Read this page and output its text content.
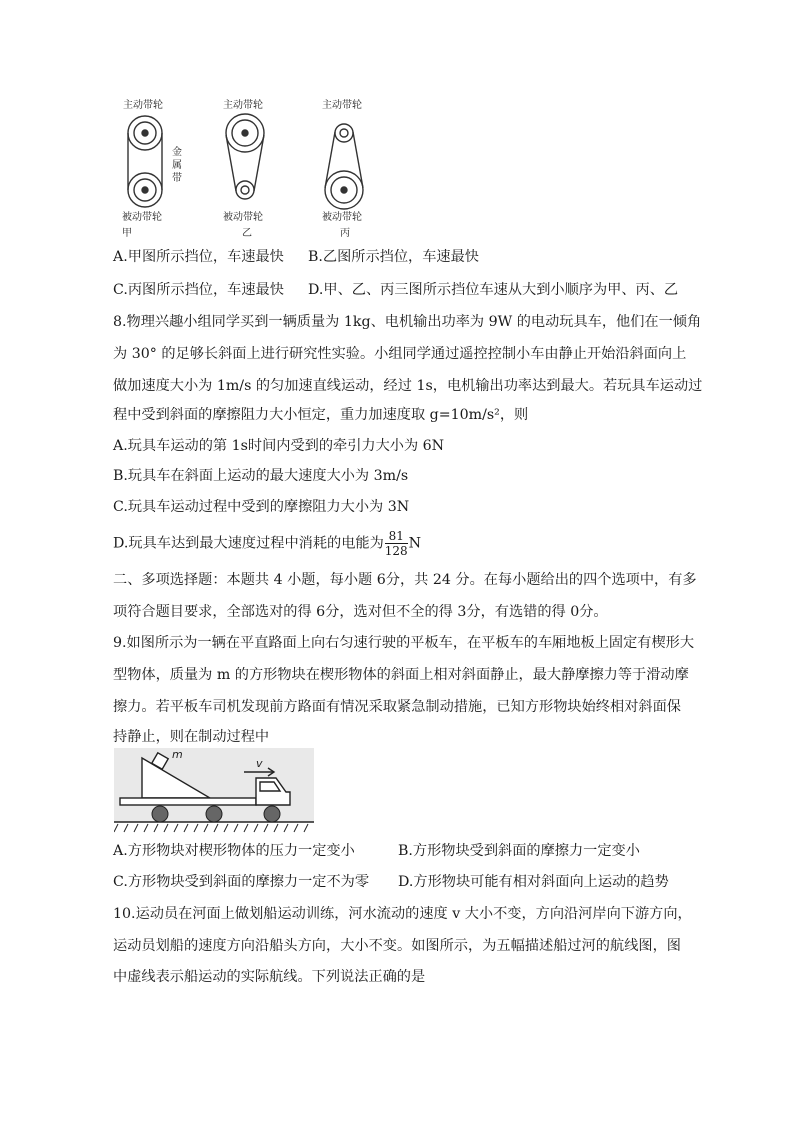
主动带轮	主动带轮	主动带轮
被动带轮	被动带轮	被动带轮
金
属
带
甲	乙	丙
A.甲图所示挡位，车速最快 B.乙图所示挡位，车速最快
C.丙图所示挡位，车速最快 D.甲、乙、丙三图所示挡位车速从大到小顺序为甲、丙、乙
8.物理兴趣小组同学买到一辆质量为 1kg、电机输出功率为 9W 的电动玩具车，他们在一倾角
为 30° 的足够长斜面上进行研究性实验。小组同学通过遥控控制小车由静止开始沿斜面向上
做加速度大小为 1m/s 的匀加速直线运动，经过 1s，电机输出功率达到最大。若玩具车运动过
程中受到斜面的摩擦阻力大小恒定，重力加速度取 g=10m/s²，则
A.玩具车运动的第 1s时间内受到的牵引力大小为 6N
B.玩具车在斜面上运动的最大速度大小为 3m/s
C.玩具车运动过程中受到的摩擦阻力大小为 3N
D.玩具车达到最大速度过程中消耗的电能为 $\frac{81}{128}$ N
二、多项选择题：本题共 4 小题，每小题 6分，共 24 分。在每小题给出的四个选项中，有多
项符合题目要求，全部选对的得 6分，选对但不全的得 3分，有选错的得 0分。
9.如图所示为一辆在平直路面上向右匀速行驶的平板车，在平板车的车厢地板上固定有楔形大
型物体，质量为 m 的方形物块在楔形物体的斜面上相对斜面静止，最大静摩擦力等于滑动摩
擦力。若平板车司机发现前方路面有情况采取紧急制动措施，已知方形物块始终相对斜面保
持静止，则在制动过程中
m
v
A.方形物块对楔形物体的压力一定变小	B.方形物块受到斜面的摩擦力一定变小
C.方形物块受到斜面的摩擦力一定不为零 D.方形物块可能有相对斜面向上运动的趋势
10.运动员在河面上做划船运动训练，河水流动的速度 v 大小不变，方向沿河岸向下游方向，
运动员划船的速度方向沿船头方向，大小不变。如图所示，为五幅描述船过河的航线图，图
中虚线表示船运动的实际航线。下列说法正确的是
